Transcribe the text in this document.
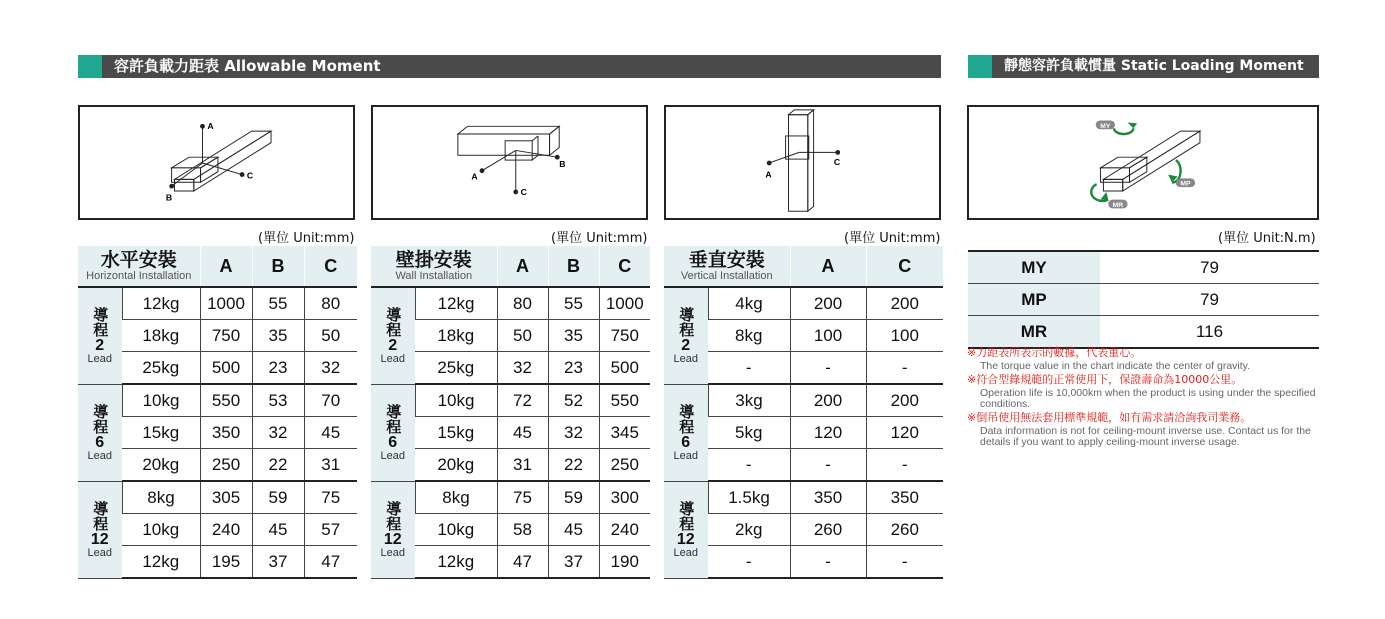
容許負載力距表 Allowable Moment	靜態容許負載慣量 Static Loading Moment
A
C
B
C
A
B
A
C
MY
MP
MR
(單位 Unit:mm)	(單位 Unit:mm)	(單位 Unit:mm)	(單位 Unit:N.m)
水平安裝
Horizontal Installation		A	B	C

導程
2
Lead	12kg	1000	55	80
	18kg	750	35	50
	25kg	500	23	32

導程
6
Lead	10kg	550	53	70
	15kg	350	32	45
	20kg	250	22	31

導程
12
Lead	8kg	305	59	75
	10kg	240	45	57
	12kg	195	37	47
壁掛安裝
Wall Installation		A	B	C

導程
2
Lead	12kg	80	55	1000
	18kg	50	35	750
	25kg	32	23	500

導程
6
Lead	10kg	72	52	550
	15kg	45	32	345
	20kg	31	22	250

導程
12
Lead	8kg	75	59	300
	10kg	58	45	240
	12kg	47	37	190
垂直安裝
Vertical Installation		A	C

導程
2
Lead	4kg	200	200
	8kg	100	100
	-	-	-

導程
6
Lead	3kg	200	200
	5kg	120	120
	-	-	-

導程
12
Lead	1.5kg	350	350
	2kg	260	260
	-	-	-
MY	79
MP	79
MR	116
※力距表所表示的數據，代表重心。
The torque value in the chart indicate the center of gravity.
※符合型錄規範的正常使用下，保證壽命為10000公里。
Operation life is 10,000km when the product is using under the specified conditions.
※倒吊使用無法套用標準規範，如有需求請洽詢我司業務。
Data information is not for ceiling-mount inverse use. Contact us for the details if you want to apply ceiling-mount inverse usage.
